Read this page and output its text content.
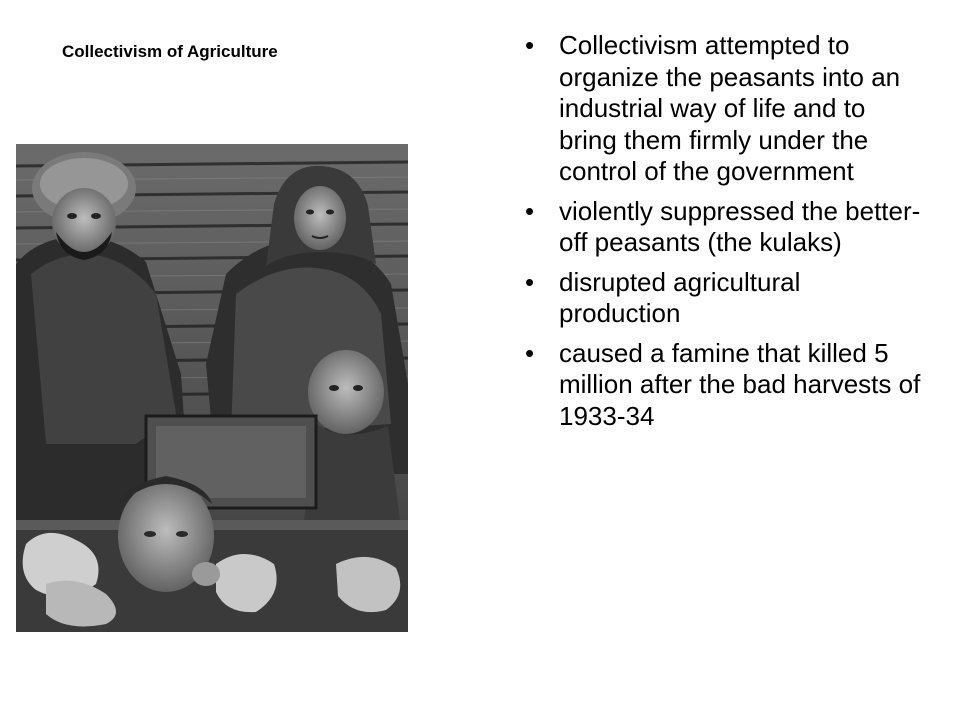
Collectivism of Agriculture	• Collectivism attempted to organize the peasants into an industrial way of life and to bring them firmly under the control of the government
• violently suppressed the better-off peasants (the kulaks)
• disrupted agricultural production
• caused a famine that killed 5 million after the bad harvests of 1933-34
